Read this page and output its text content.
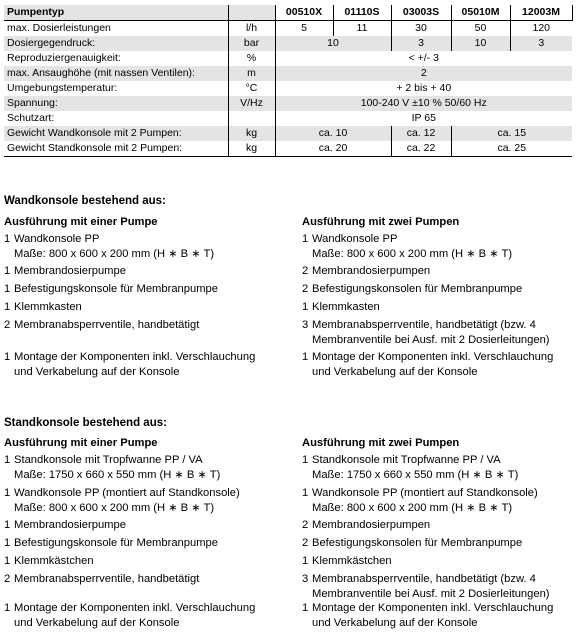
Pumpentyp		00510X	01110S	03003S	05010M	12003M
max. Dosierleistungen	l/h	5	11	30	50	120
Dosiergegendruck:	bar	10		3	10	3
Reproduziergenauigkeit:	%	< +/- 3				
max. Ansaughöhe (mit nassen Ventilen):	m	2				
Umgebungstemperatur:	°C	+ 2 bis + 40				
Spannung:	V/Hz	100-240 V ±10 % 50/60 Hz				
Schutzart:		IP 65				
Gewicht Wandkonsole mit 2 Pumpen:	kg	ca. 10		ca. 12	ca. 15	
Gewicht Standkonsole mit 2 Pumpen:	kg	ca. 20		ca. 22	ca. 25	
Wandkonsole bestehend aus:
Ausführung mit einer Pumpe
1 Wandkonsole PP
Maße: 800 x 600 x 200 mm (H ∗ B ∗ T)
1 Membrandosierpumpe
1 Befestigungskonsole für Membranpumpe
1 Klemmkasten
2 Membranabsperrventile, handbetätigt
1 Montage der Komponenten inkl. Verschlauchung
und Verkabelung auf der Konsole
Ausführung mit zwei Pumpen
1 Wandkonsole PP
Maße: 800 x 600 x 200 mm (H ∗ B ∗ T)
2 Membrandosierpumpen
2 Befestigungskonsolen für Membranpumpe
1 Klemmkasten
3 Membranabsperrventile, handbetätigt (bzw. 4
Membranventile bei Ausf. mit 2 Dosierleitungen)
1 Montage der Komponenten inkl. Verschlauchung
und Verkabelung auf der Konsole
Standkonsole bestehend aus:
Ausführung mit einer Pumpe
1 Standkonsole mit Tropfwanne PP / VA
Maße: 1750 x 660 x 550 mm (H ∗ B ∗ T)
1 Wandkonsole PP (montiert auf Standkonsole)
Maße: 800 x 600 x 200 mm (H ∗ B ∗ T)
1 Membrandosierpumpe
1 Befestigungskonsole für Membranpumpe
1 Klemmkästchen
2 Membranabsperrventile, handbetätigt
1 Montage der Komponenten inkl. Verschlauchung
und Verkabelung auf der Konsole
Ausführung mit zwei Pumpen
1 Standkonsole mit Tropfwanne PP / VA
Maße: 1750 x 660 x 550 mm (H ∗ B ∗ T)
1 Wandkonsole PP (montiert auf Standkonsole)
Maße: 800 x 600 x 200 mm (H ∗ B ∗ T)
2 Membrandosierpumpen
2 Befestigungskonsolen für Membranpumpe
1 Klemmkästchen
3 Membranabsperrventile, handbetätigt (bzw. 4
Membranventile bei Ausf. mit 2 Dosierleitungen)
1 Montage der Komponenten inkl. Verschlauchung
und Verkabelung auf der Konsole
